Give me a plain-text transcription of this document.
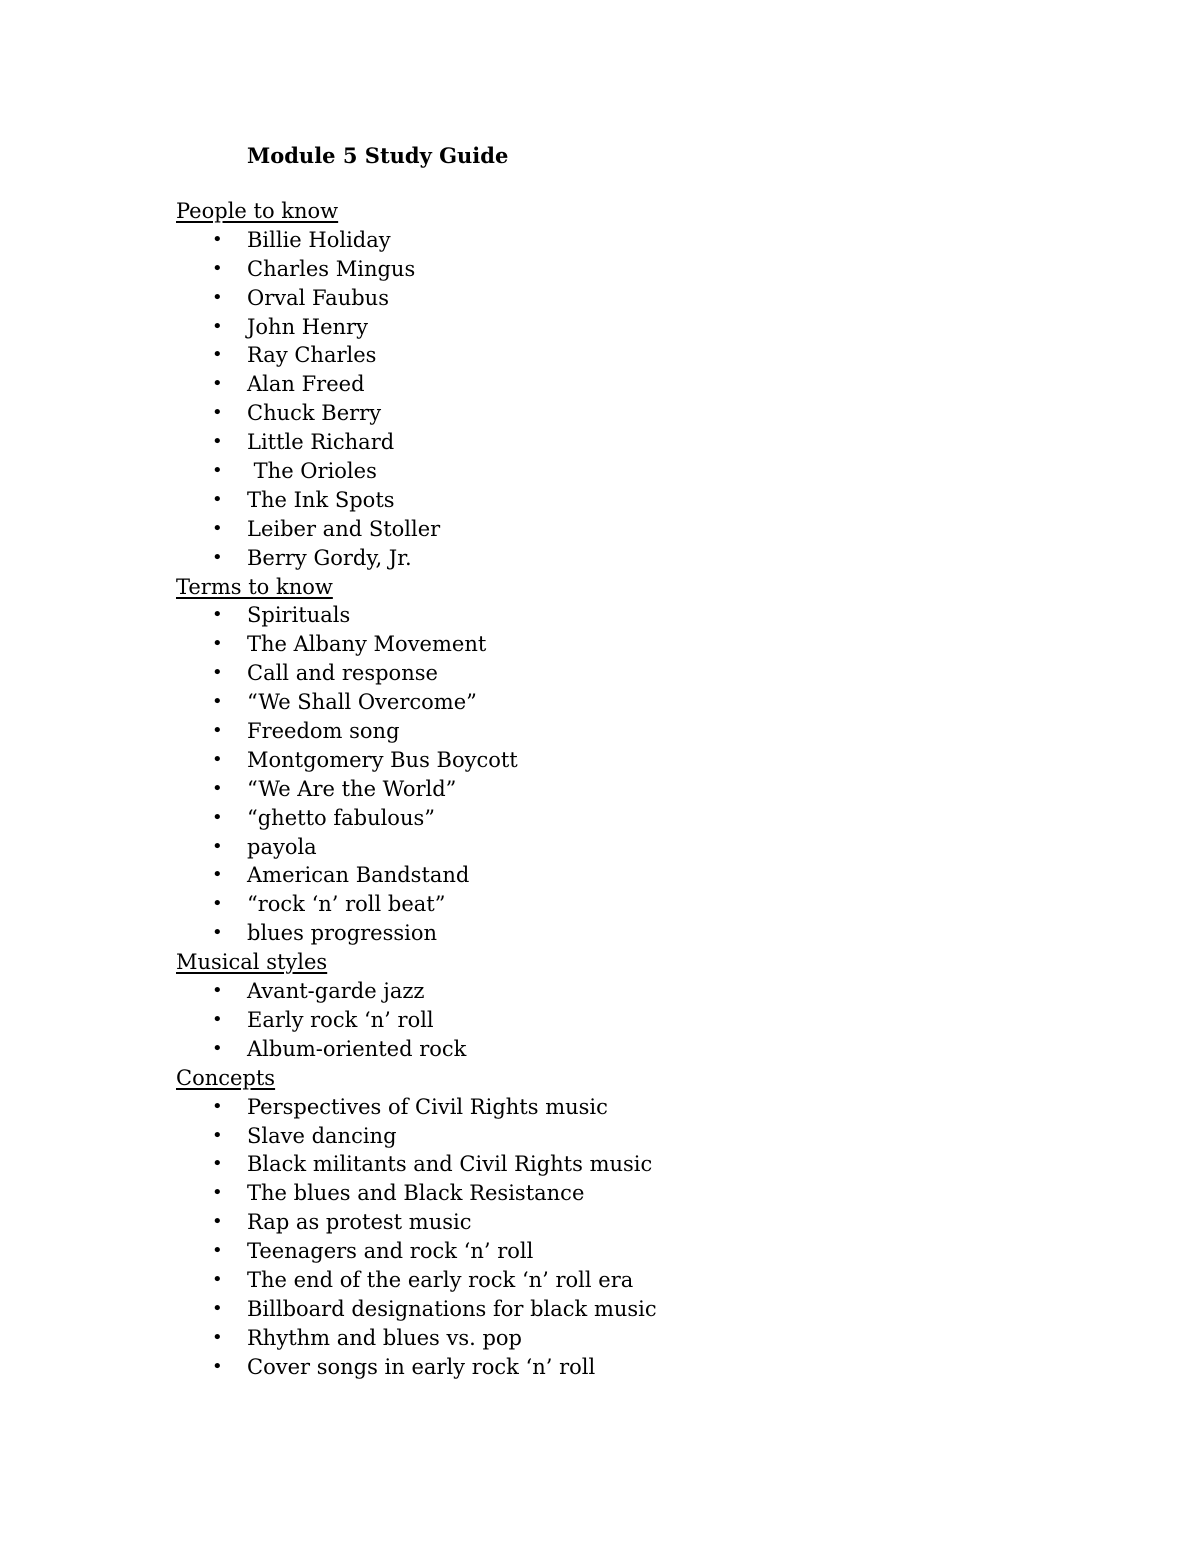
Module 5 Study Guide
People to know
• Billie Holiday
• Charles Mingus
• Orval Faubus
• John Henry
• Ray Charles
• Alan Freed
• Chuck Berry
• Little Richard
• The Orioles
• The Ink Spots
• Leiber and Stoller
• Berry Gordy, Jr.
Terms to know
• Spirituals
• The Albany Movement
• Call and response
• “We Shall Overcome”
• Freedom song
• Montgomery Bus Boycott
• “We Are the World”
• “ghetto fabulous”
• payola
• American Bandstand
• “rock ‘n’ roll beat”
• blues progression
Musical styles
• Avant-garde jazz
• Early rock ‘n’ roll
• Album-oriented rock
Concepts
• Perspectives of Civil Rights music
• Slave dancing
• Black militants and Civil Rights music
• The blues and Black Resistance
• Rap as protest music
• Teenagers and rock ‘n’ roll
• The end of the early rock ‘n’ roll era
• Billboard designations for black music
• Rhythm and blues vs. pop
• Cover songs in early rock ‘n’ roll
